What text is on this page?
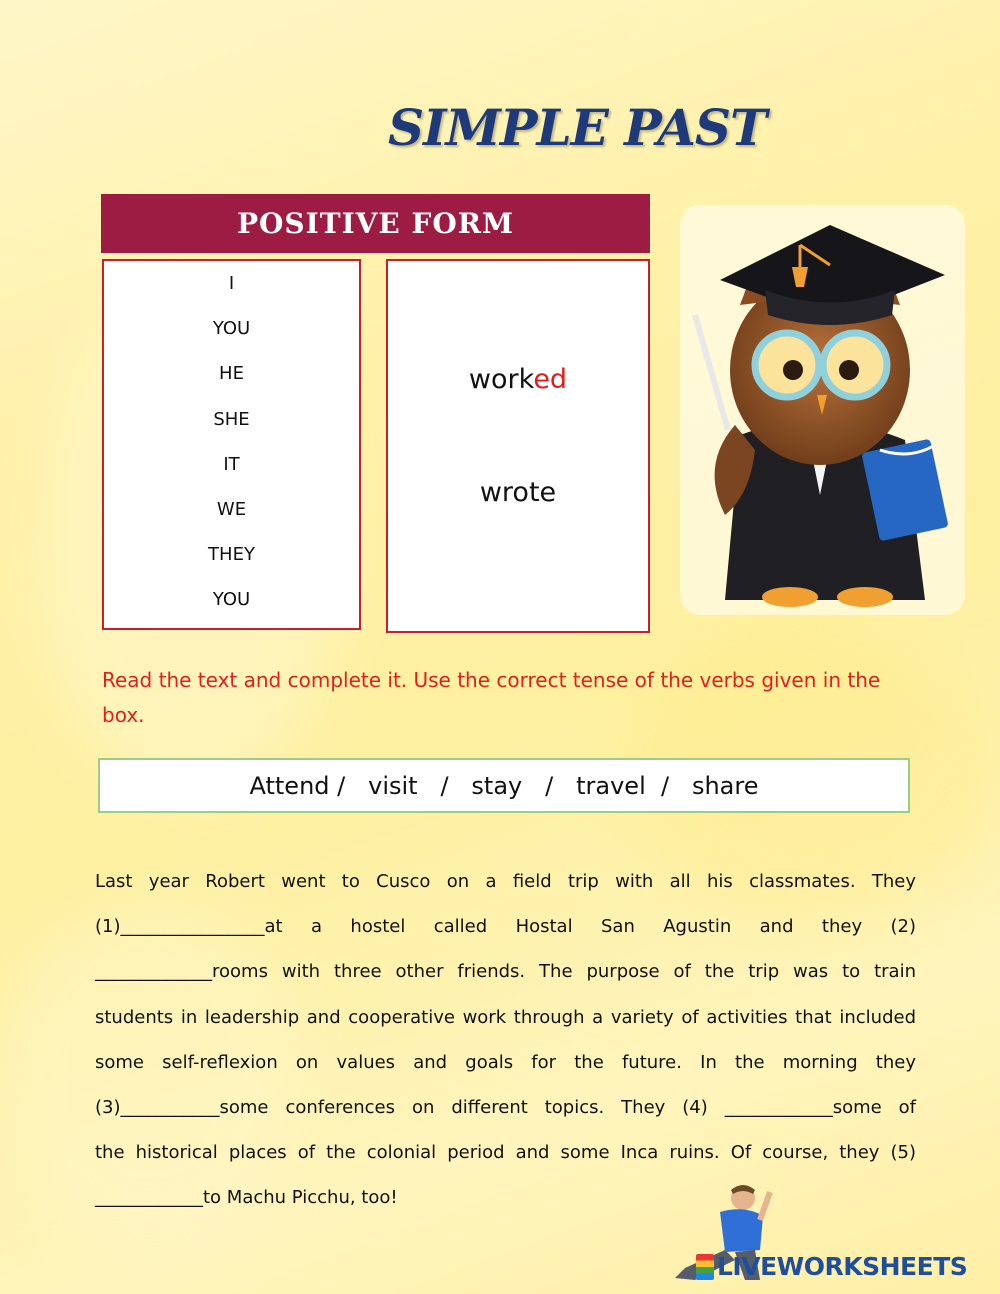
SIMPLE PAST
POSITIVE FORM
I
YOU
HE
SHE
IT
WE
THEY
YOU
worked
wrote

Read the text and complete it. Use the correct tense of the verbs given in the box.

Attend /   visit   /   stay   /   travel  /   share

Last year Robert went to Cusco on a field trip with all his classmates. They

(1)________________at a hostel called Hostal San Agustin and they (2)

_____________rooms with three other friends. The purpose of the trip was to train

students in leadership and cooperative work through a variety of activities that included

some self-reflexion on values and goals for the future. In the morning they

(3)___________some conferences on different topics. They (4) ____________some of

the historical places of the colonial period and some Inca ruins. Of course, they (5)

____________to Machu Picchu, too!

LIVEWORKSHEETS
